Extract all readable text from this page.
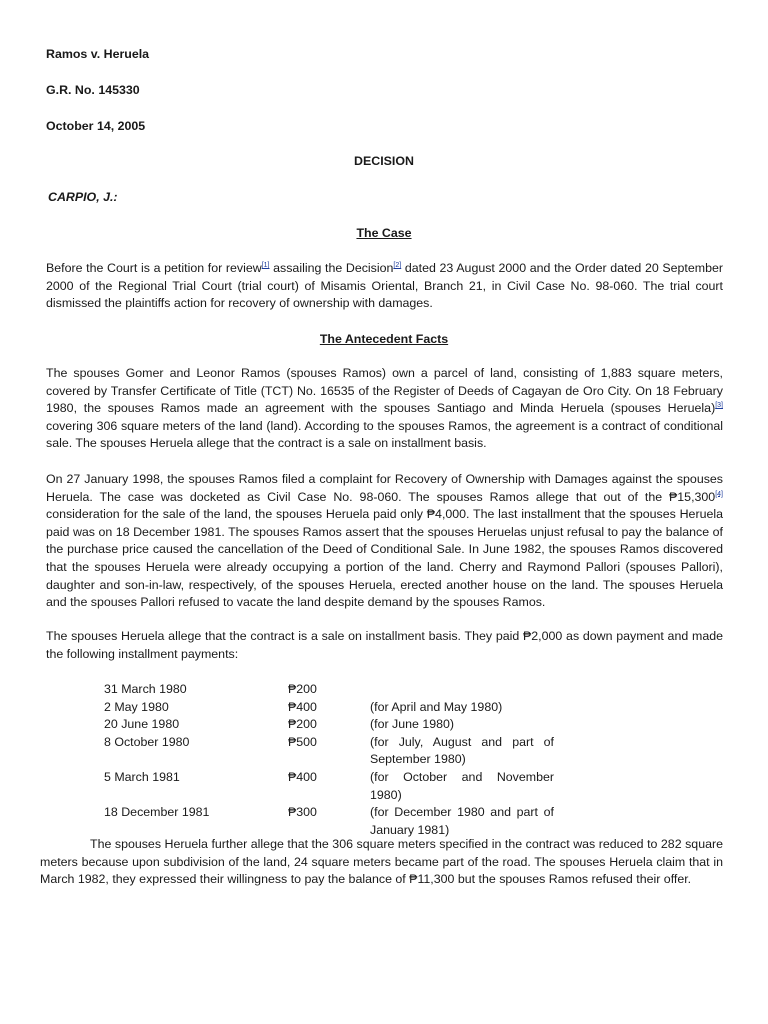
Ramos v. Heruela
G.R. No. 145330
October 14, 2005
DECISION
CARPIO, J.:
The Case
Before the Court is a petition for review[1] assailing the Decision[2] dated 23 August 2000 and the Order dated 20 September 2000 of the Regional Trial Court (trial court) of Misamis Oriental, Branch 21, in Civil Case No. 98-060. The trial court dismissed the plaintiffs action for recovery of ownership with damages.
The Antecedent Facts
The spouses Gomer and Leonor Ramos (spouses Ramos) own a parcel of land, consisting of 1,883 square meters, covered by Transfer Certificate of Title (TCT) No. 16535 of the Register of Deeds of Cagayan de Oro City. On 18 February 1980, the spouses Ramos made an agreement with the spouses Santiago and Minda Heruela (spouses Heruela)[3] covering 306 square meters of the land (land). According to the spouses Ramos, the agreement is a contract of conditional sale. The spouses Heruela allege that the contract is a sale on installment basis.
On 27 January 1998, the spouses Ramos filed a complaint for Recovery of Ownership with Damages against the spouses Heruela. The case was docketed as Civil Case No. 98-060. The spouses Ramos allege that out of the ₱15,300[4] consideration for the sale of the land, the spouses Heruela paid only ₱4,000. The last installment that the spouses Heruela paid was on 18 December 1981. The spouses Ramos assert that the spouses Heruelas unjust refusal to pay the balance of the purchase price caused the cancellation of the Deed of Conditional Sale. In June 1982, the spouses Ramos discovered that the spouses Heruela were already occupying a portion of the land. Cherry and Raymond Pallori (spouses Pallori), daughter and son-in-law, respectively, of the spouses Heruela, erected another house on the land. The spouses Heruela and the spouses Pallori refused to vacate the land despite demand by the spouses Ramos.
The spouses Heruela allege that the contract is a sale on installment basis. They paid ₱2,000 as down payment and made the following installment payments:
31 March 1980	₱200
2 May 1980	₱400	(for April and May 1980)
20 June 1980	₱200	(for June 1980)
8 October 1980	₱500	(for July, August and part of September 1980)
5 March 1981	₱400	(for October and November 1980)
18 December 1981	₱300	(for December 1980 and part of January 1981)
The spouses Heruela further allege that the 306 square meters specified in the contract was reduced to 282 square meters because upon subdivision of the land, 24 square meters became part of the road. The spouses Heruela claim that in March 1982, they expressed their willingness to pay the balance of ₱11,300 but the spouses Ramos refused their offer.
